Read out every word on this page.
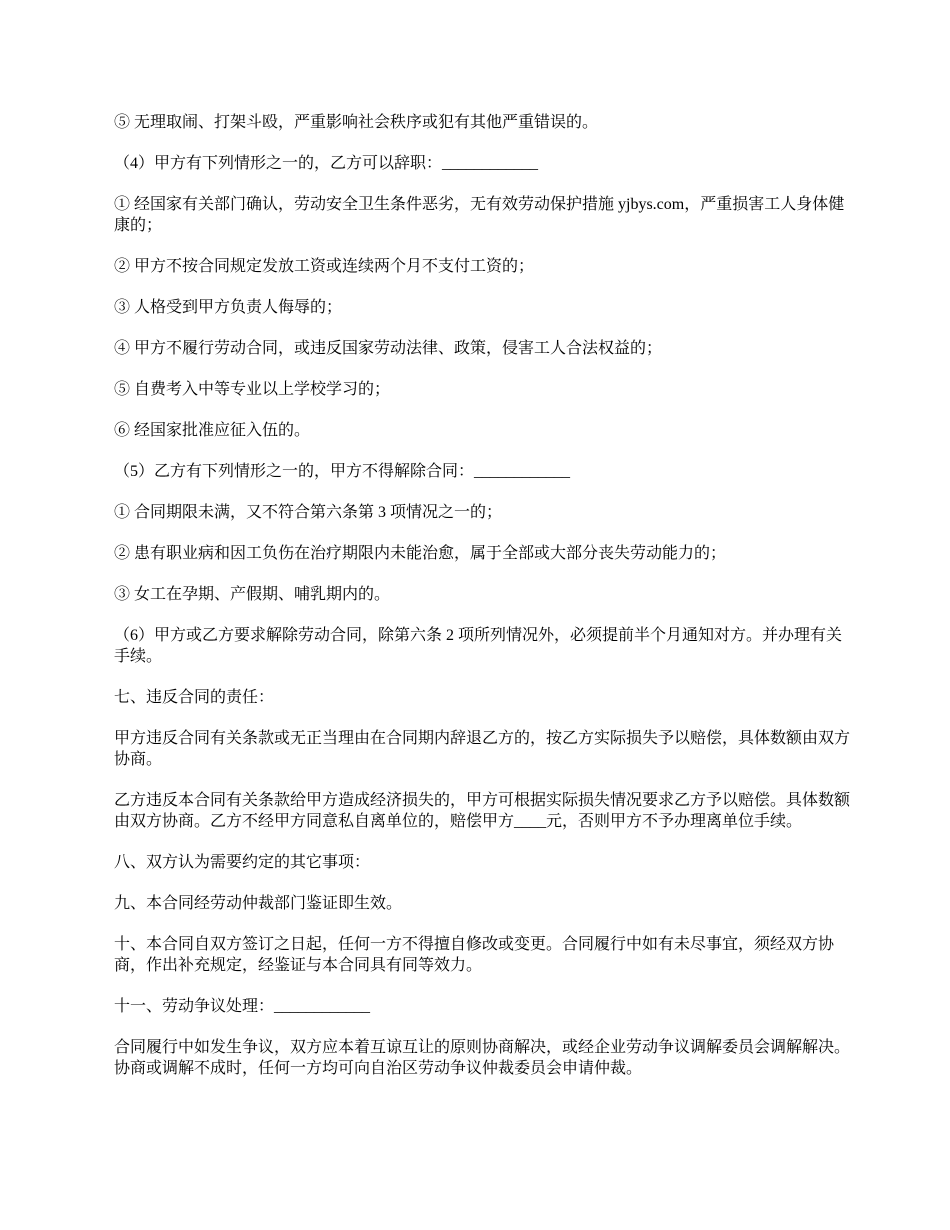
⑤ 无理取闹、打架斗殴，严重影响社会秩序或犯有其他严重错误的。

（4）甲方有下列情形之一的，乙方可以辞职：____________

① 经国家有关部门确认，劳动安全卫生条件恶劣，无有效劳动保护措施 yjbys.com，严重损害工人身体健康的；

② 甲方不按合同规定发放工资或连续两个月不支付工资的；

③ 人格受到甲方负责人侮辱的；

④ 甲方不履行劳动合同，或违反国家劳动法律、政策，侵害工人合法权益的；

⑤ 自费考入中等专业以上学校学习的；

⑥ 经国家批准应征入伍的。

（5）乙方有下列情形之一的，甲方不得解除合同：____________

① 合同期限未满，又不符合第六条第 3 项情况之一的；

② 患有职业病和因工负伤在治疗期限内未能治愈，属于全部或大部分丧失劳动能力的；

③ 女工在孕期、产假期、哺乳期内的。

（6）甲方或乙方要求解除劳动合同，除第六条 2 项所列情况外，必须提前半个月通知对方。并办理有关手续。

七、违反合同的责任：

甲方违反合同有关条款或无正当理由在合同期内辞退乙方的，按乙方实际损失予以赔偿，具体数额由双方协商。

乙方违反本合同有关条款给甲方造成经济损失的，甲方可根据实际损失情况要求乙方予以赔偿。具体数额由双方协商。乙方不经甲方同意私自离单位的，赔偿甲方____元，否则甲方不予办理离单位手续。

八、双方认为需要约定的其它事项：

九、本合同经劳动仲裁部门鉴证即生效。

十、本合同自双方签订之日起，任何一方不得擅自修改或变更。合同履行中如有未尽事宜，须经双方协商，作出补充规定，经鉴证与本合同具有同等效力。

十一、劳动争议处理：____________

合同履行中如发生争议，双方应本着互谅互让的原则协商解决，或经企业劳动争议调解委员会调解解决。协商或调解不成时，任何一方均可向自治区劳动争议仲裁委员会申请仲裁。
